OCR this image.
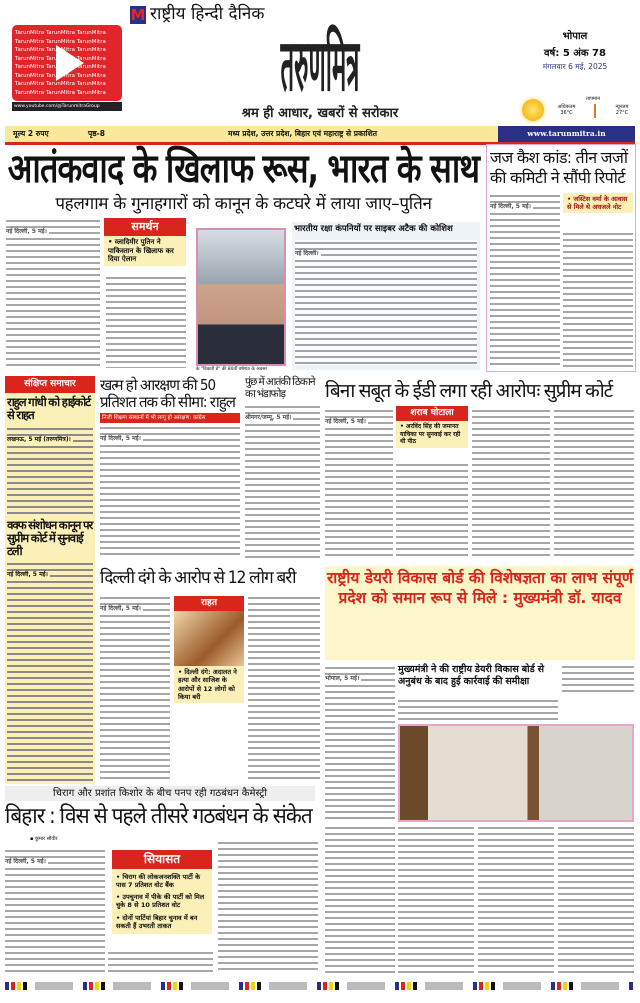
TarunMitra TarunMitra TarunMitra
TarunMitra TarunMitra TarunMitra
TarunMitra TarunMitra TarunMitra
TarunMitra TarunMitra TarunMitra
TarunMitra TarunMitra TarunMitra
TarunMitra TarunMitra TarunMitra
TarunMitra TarunMitra TarunMitra
TarunMitra TarunMitra TarunMitra
www.youtube.com/@TarunmitraGroup
M राष्ट्रीय हिन्दी दैनिक
तरुणमित्र
श्रम ही आधार, खबरों से सरोकार
भोपाल
वर्ष: 5 अंक 78
मंगलवार 6 मई, 2025
तापमान
अधिकतम
36°C
न्यूनतम
27°C
मूल्य 2 रुपए	पृष्ठ-8	मध्य प्रदेश, उत्तर प्रदेश, बिहार एवं महाराष्ट्र से प्रकाशित	www.tarunmitra.in
आतंकवाद के खिलाफ रूस, भारत के साथ
पहलगाम के गुनाहगारों को कानून के कटघरे में लाया जाए–पुतिन
नई दिल्ली, 5 मई।	समर्थन
• व्लादिमीर पुतिन ने पाकिस्तान के खिलाफ कर दिया ऐलान
के "विक्टरी डे" की 80वीं वर्षगांठ के अवसर
भारतीय रक्षा कंपनियों पर साइबर अटैक की कोशिश
नई दिल्ली।
जज कैश कांड: तीन जजों की कमिटी ने सौंपी रिपोर्ट
नई दिल्ली, 5 मई।
• जस्टिस वर्मा के आवास से मिले थे अधजले नोट
संक्षिप्त समाचार
राहुल गांधी को हाईकोर्ट से राहत
लखनऊ, 5 मई (तरुणमित्र)।
वक्फ संशोधन कानून पर सुप्रीम कोर्ट में सुनवाई टली
नई दिल्ली, 5 मई।
खत्म हो आरक्षण की 50 प्रतिशत तक की सीमा: राहुल
निजी शिक्षण संस्थानों में भी लागू हो आरक्षण: कांग्रेस
नई दिल्ली, 5 मई।
पुंछ में आतंकी ठिकाने का भंडाफोड़
श्रीनगर/जम्मू, 5 मई।
बिना सबूत के ईडी लगा रही आरोपः सुप्रीम कोर्ट
नई दिल्ली, 5 मई।
शराब घोटाला
• अरविंद सिंह की जमानत याचिका पर सुनवाई कर रही थी पीठ
दिल्ली दंगे के आरोप से 12 लोग बरी
नई दिल्ली, 5 मई।
राहत
• दिल्ली दंगे: अदालत ने हत्या और साजिश के आरोपों से 12 लोगों को किया बरी
राष्ट्रीय डेयरी विकास बोर्ड की विशेषज्ञता का लाभ संपूर्ण प्रदेश को समान रूप से मिले : मुख्यमंत्री डॉ. यादव
भोपाल, 5 मई।
मुख्यमंत्री ने की राष्ट्रीय डेयरी विकास बोर्ड से अनुबंध के बाद हुई कार्रवाई की समीक्षा
चिराग और प्रशांत किशोर के बीच पनप रही गठबंधन कैमेस्ट्री
बिहार : विस से पहले तीसरे गठबंधन के संकेत
▪ कुमार सौवीर
नई दिल्ली, 5 मई।	सियासत
• चिराग की लोकजनशक्ति पार्टी के पास 7 प्रतिशत वोट बैंक
• उपचुनाव में पीके की पार्टी को मिल चुके 8 से 10 प्रतिशत वोट
• दोनों पार्टियां बिहार चुनाव में बन सकती हैं उभरती ताकत
